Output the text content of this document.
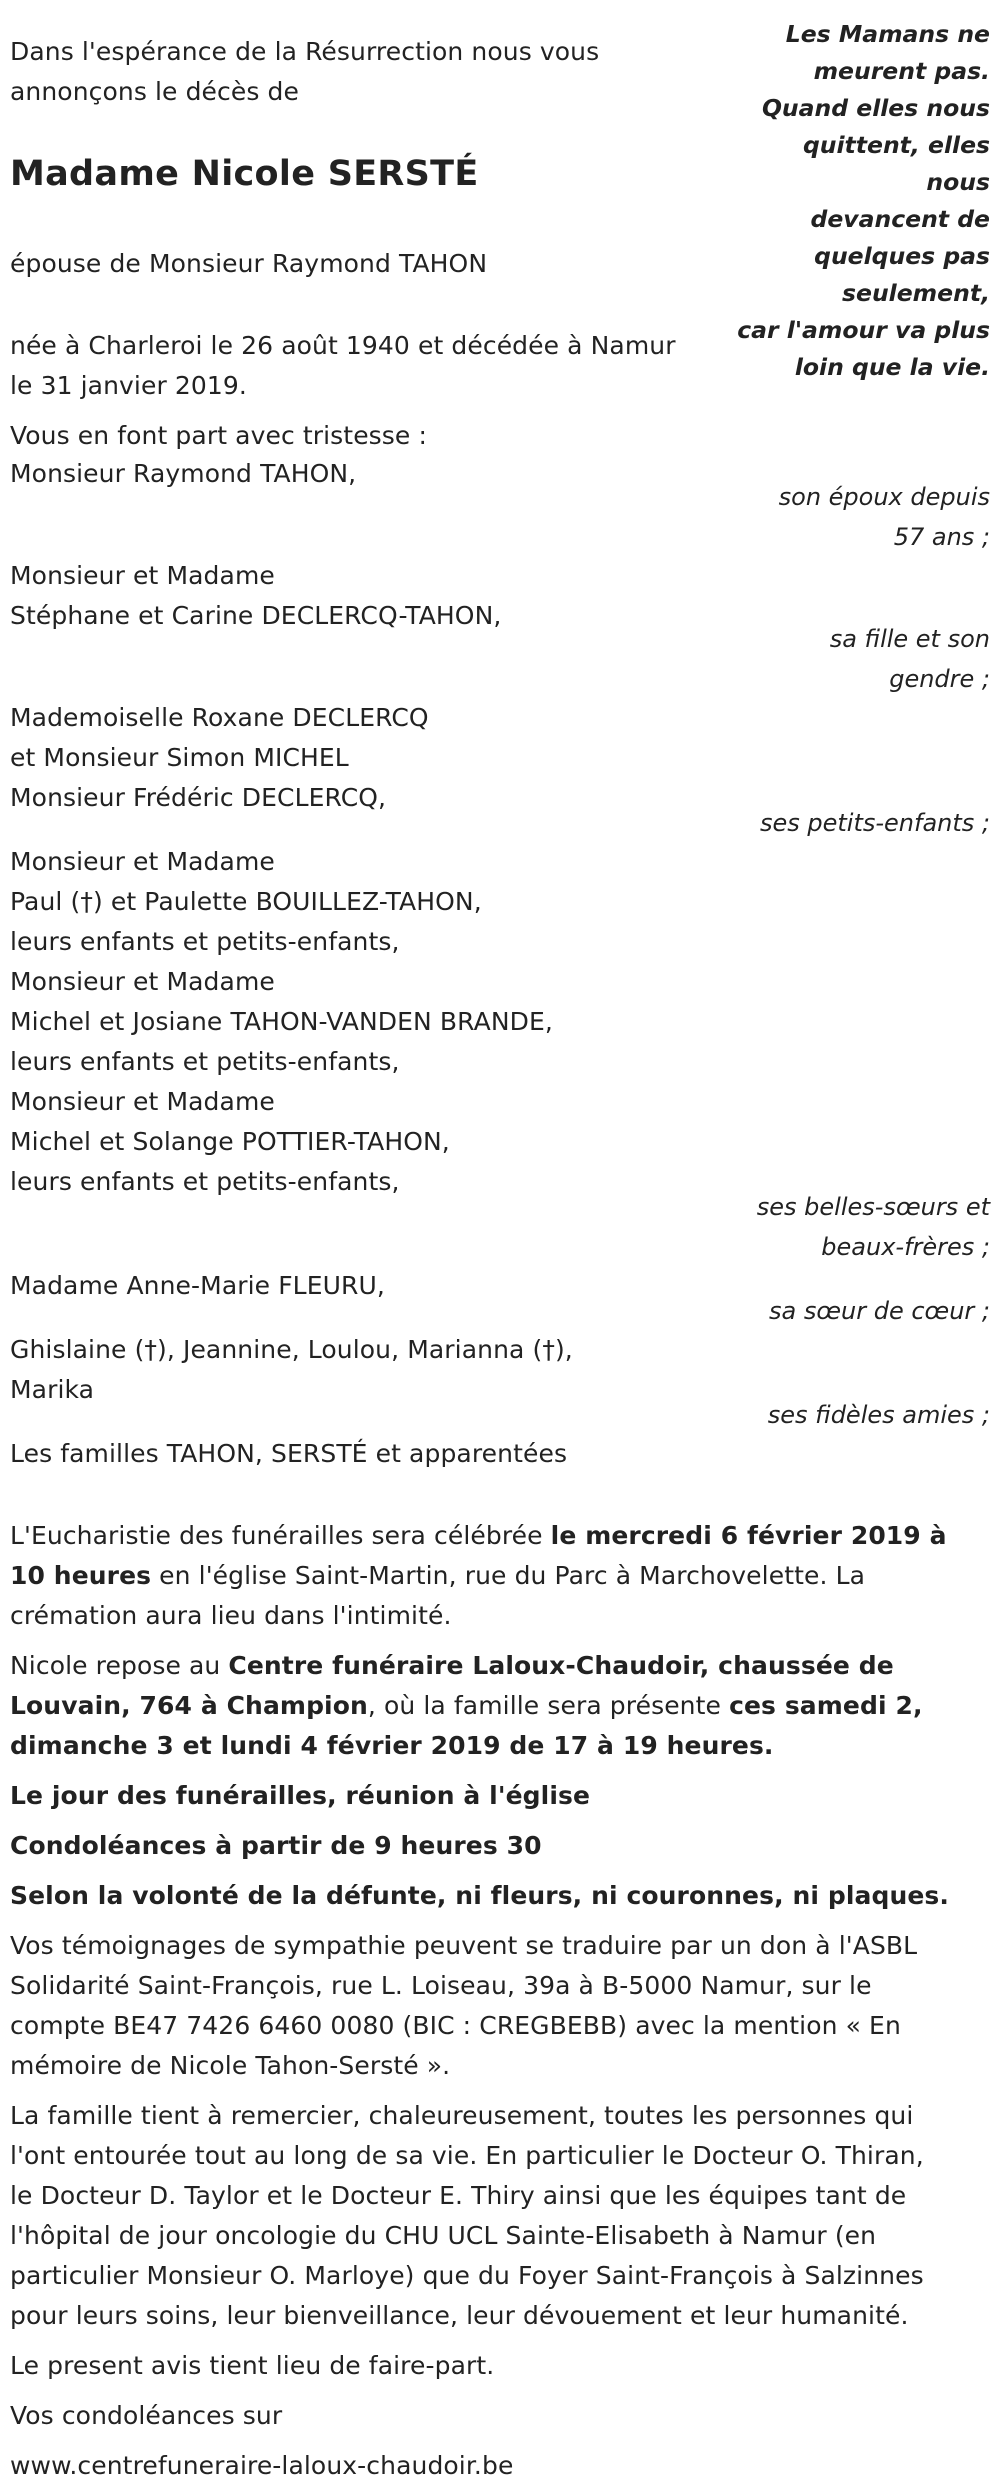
Dans l'espérance de la Résurrection nous vous

annonçons le décès de

Madame Nicole SERSTÉ

épouse de Monsieur Raymond TAHON

née à Charleroi le 26 août 1940 et décédée à Namur

le 31 janvier 2019.

Les Mamans ne
meurent pas.
Quand elles nous
quittent, elles
nous
devancent de
quelques pas
seulement,
car l'amour va plus
loin que la vie.

Vous en font part avec tristesse :

Monsieur Raymond TAHON,

son époux depuis

57 ans ;

Monsieur et Madame

Stéphane et Carine DECLERCQ-TAHON,

sa fille et son

gendre ;

Mademoiselle Roxane DECLERCQ

et Monsieur Simon MICHEL

Monsieur Frédéric DECLERCQ,

ses petits-enfants ;

Monsieur et Madame

Paul (†) et Paulette BOUILLEZ-TAHON,

leurs enfants et petits-enfants,

Monsieur et Madame

Michel et Josiane TAHON-VANDEN BRANDE,

leurs enfants et petits-enfants,

Monsieur et Madame

Michel et Solange POTTIER-TAHON,

leurs enfants et petits-enfants,

ses belles-sœurs et

beaux-frères ;

Madame Anne-Marie FLEURU,

sa sœur de cœur ;

Ghislaine (†), Jeannine, Loulou, Marianna (†),

Marika

ses fidèles amies ;

Les familles TAHON, SERSTÉ et apparentées

L'Eucharistie des funérailles sera célébrée le mercredi 6 février 2019 à

10 heures en l'église Saint-Martin, rue du Parc à Marchovelette. La

crémation aura lieu dans l'intimité.

Nicole repose au Centre funéraire Laloux-Chaudoir, chaussée de

Louvain, 764 à Champion, où la famille sera présente ces samedi 2,

dimanche 3 et lundi 4 février 2019 de 17 à 19 heures.

Le jour des funérailles, réunion à l'église

Condoléances à partir de 9 heures 30

Selon la volonté de la défunte, ni fleurs, ni couronnes, ni plaques.

Vos témoignages de sympathie peuvent se traduire par un don à l'ASBL

Solidarité Saint-François, rue L. Loiseau, 39a à B-5000 Namur, sur le

compte BE47 7426 6460 0080 (BIC : CREGBEBB) avec la mention « En

mémoire de Nicole Tahon-Sersté ».

La famille tient à remercier, chaleureusement, toutes les personnes qui

l'ont entourée tout au long de sa vie. En particulier le Docteur O. Thiran,

le Docteur D. Taylor et le Docteur E. Thiry ainsi que les équipes tant de

l'hôpital de jour oncologie du CHU UCL Sainte-Elisabeth à Namur (en

particulier Monsieur O. Marloye) que du Foyer Saint-François à Salzinnes

pour leurs soins, leur bienveillance, leur dévouement et leur humanité.

Le present avis tient lieu de faire-part.

Vos condoléances sur

www.centrefuneraire-laloux-chaudoir.be
